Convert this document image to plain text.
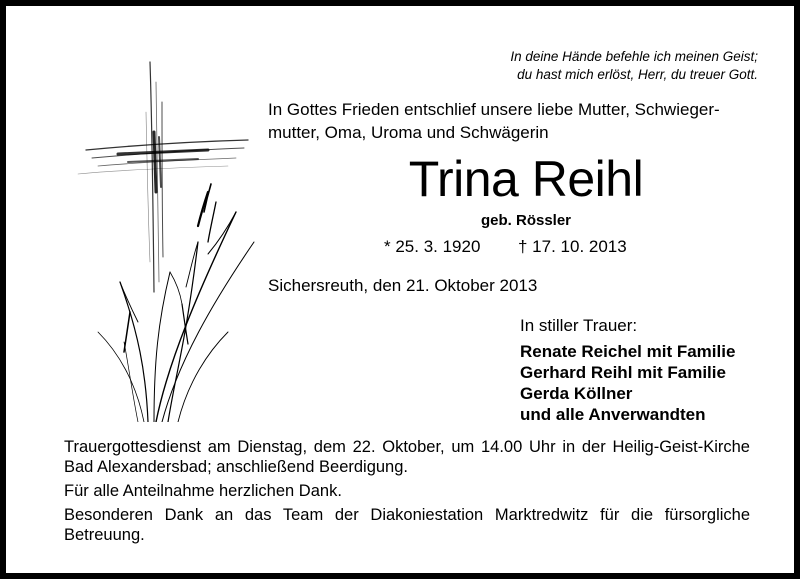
In deine Hände befehle ich meinen Geist;
du hast mich erlöst, Herr, du treuer Gott.
In Gottes Frieden entschlief unsere liebe Mutter, Schwieger-
mutter, Oma, Uroma und Schwägerin
Trina Reihl
geb. Rössler
* 25. 3. 1920 † 17. 10. 2013
Sichersreuth, den 21. Oktober 2013
In stiller Trauer:
Renate Reichel mit Familie
Gerhard Reihl mit Familie
Gerda Köllner
und alle Anverwandten

Trauergottesdienst am Dienstag, dem 22. Oktober, um 14.00 Uhr in der Heilig-Geist-Kirche Bad Alexandersbad; anschließend Beerdigung.

Für alle Anteilnahme herzlichen Dank.

Besonderen Dank an das Team der Diakoniestation Marktredwitz für die fürsorgliche Betreuung.
